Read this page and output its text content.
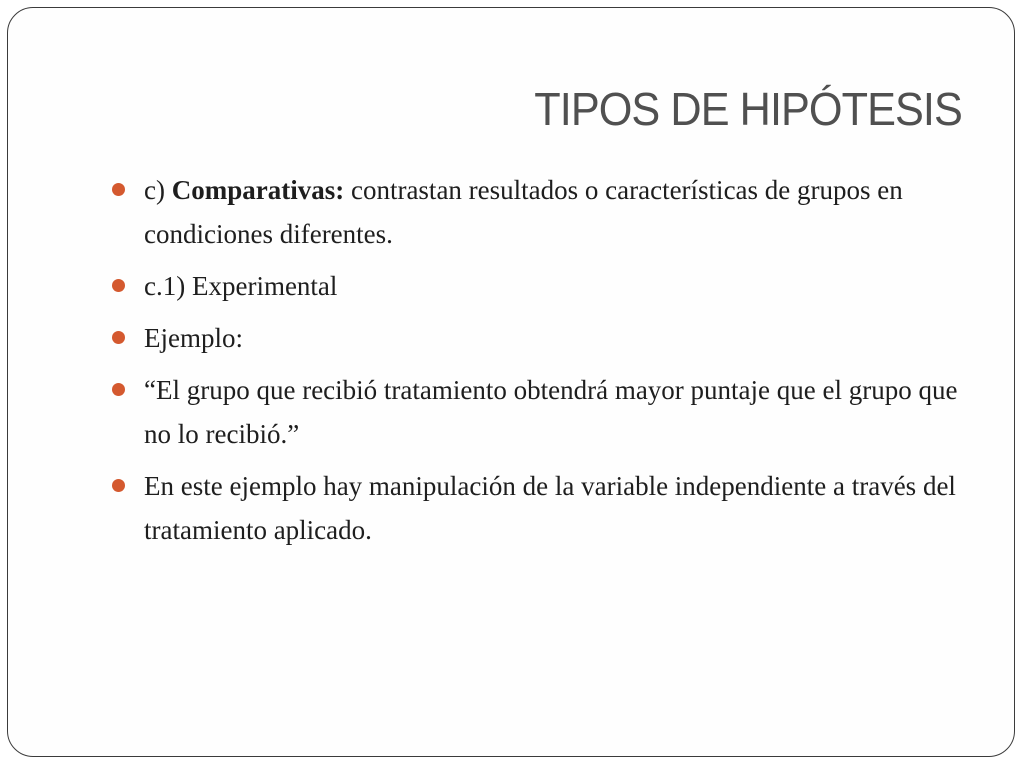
TIPOS DE HIPÓTESIS
c) Comparativas: contrastan resultados o características de grupos en condiciones diferentes.
c.1) Experimental
Ejemplo:
“El grupo que recibió tratamiento obtendrá mayor puntaje que el grupo que no lo recibió.”
En este ejemplo hay manipulación de la variable independiente a través del tratamiento aplicado.
